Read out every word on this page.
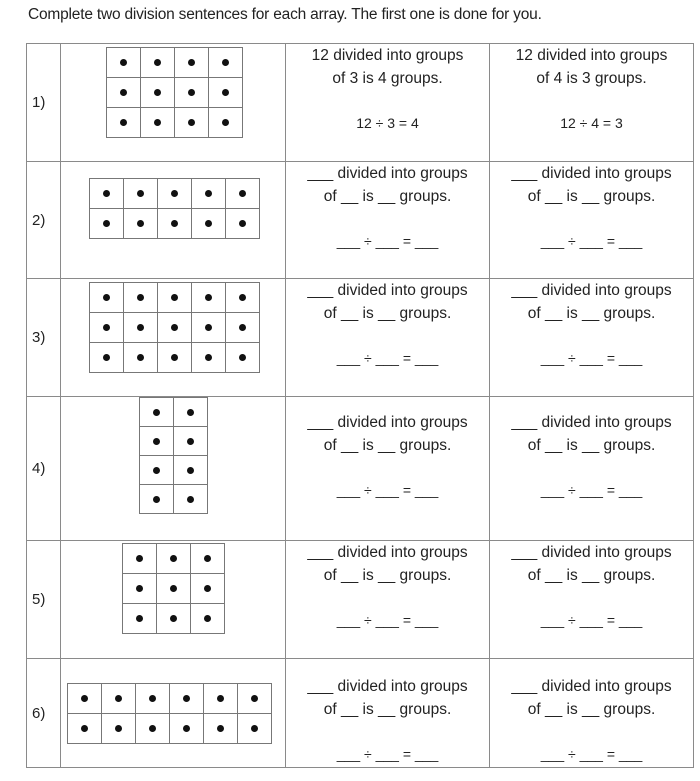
Complete two division sentences for each array. The first one is done for you.
1)	

12 divided into groups
of 3 is 4 groups.
12 ÷ 3 = 4

12 divided into groups
of 4 is 3 groups.
12 ÷ 4 = 3

2)	

___ divided into groups
of __ is __ groups.
___ ÷ ___ = ___

___ divided into groups
of __ is __ groups.
___ ÷ ___ = ___

3)	

___ divided into groups
of __ is __ groups.
___ ÷ ___ = ___

___ divided into groups
of __ is __ groups.
___ ÷ ___ = ___

4)	

___ divided into groups
of __ is __ groups.
___ ÷ ___ = ___

___ divided into groups
of __ is __ groups.
___ ÷ ___ = ___

5)	

___ divided into groups
of __ is __ groups.
___ ÷ ___ = ___

___ divided into groups
of __ is __ groups.
___ ÷ ___ = ___

6)	

___ divided into groups
of __ is __ groups.
___ ÷ ___ = ___

___ divided into groups
of __ is __ groups.
___ ÷ ___ = ___
